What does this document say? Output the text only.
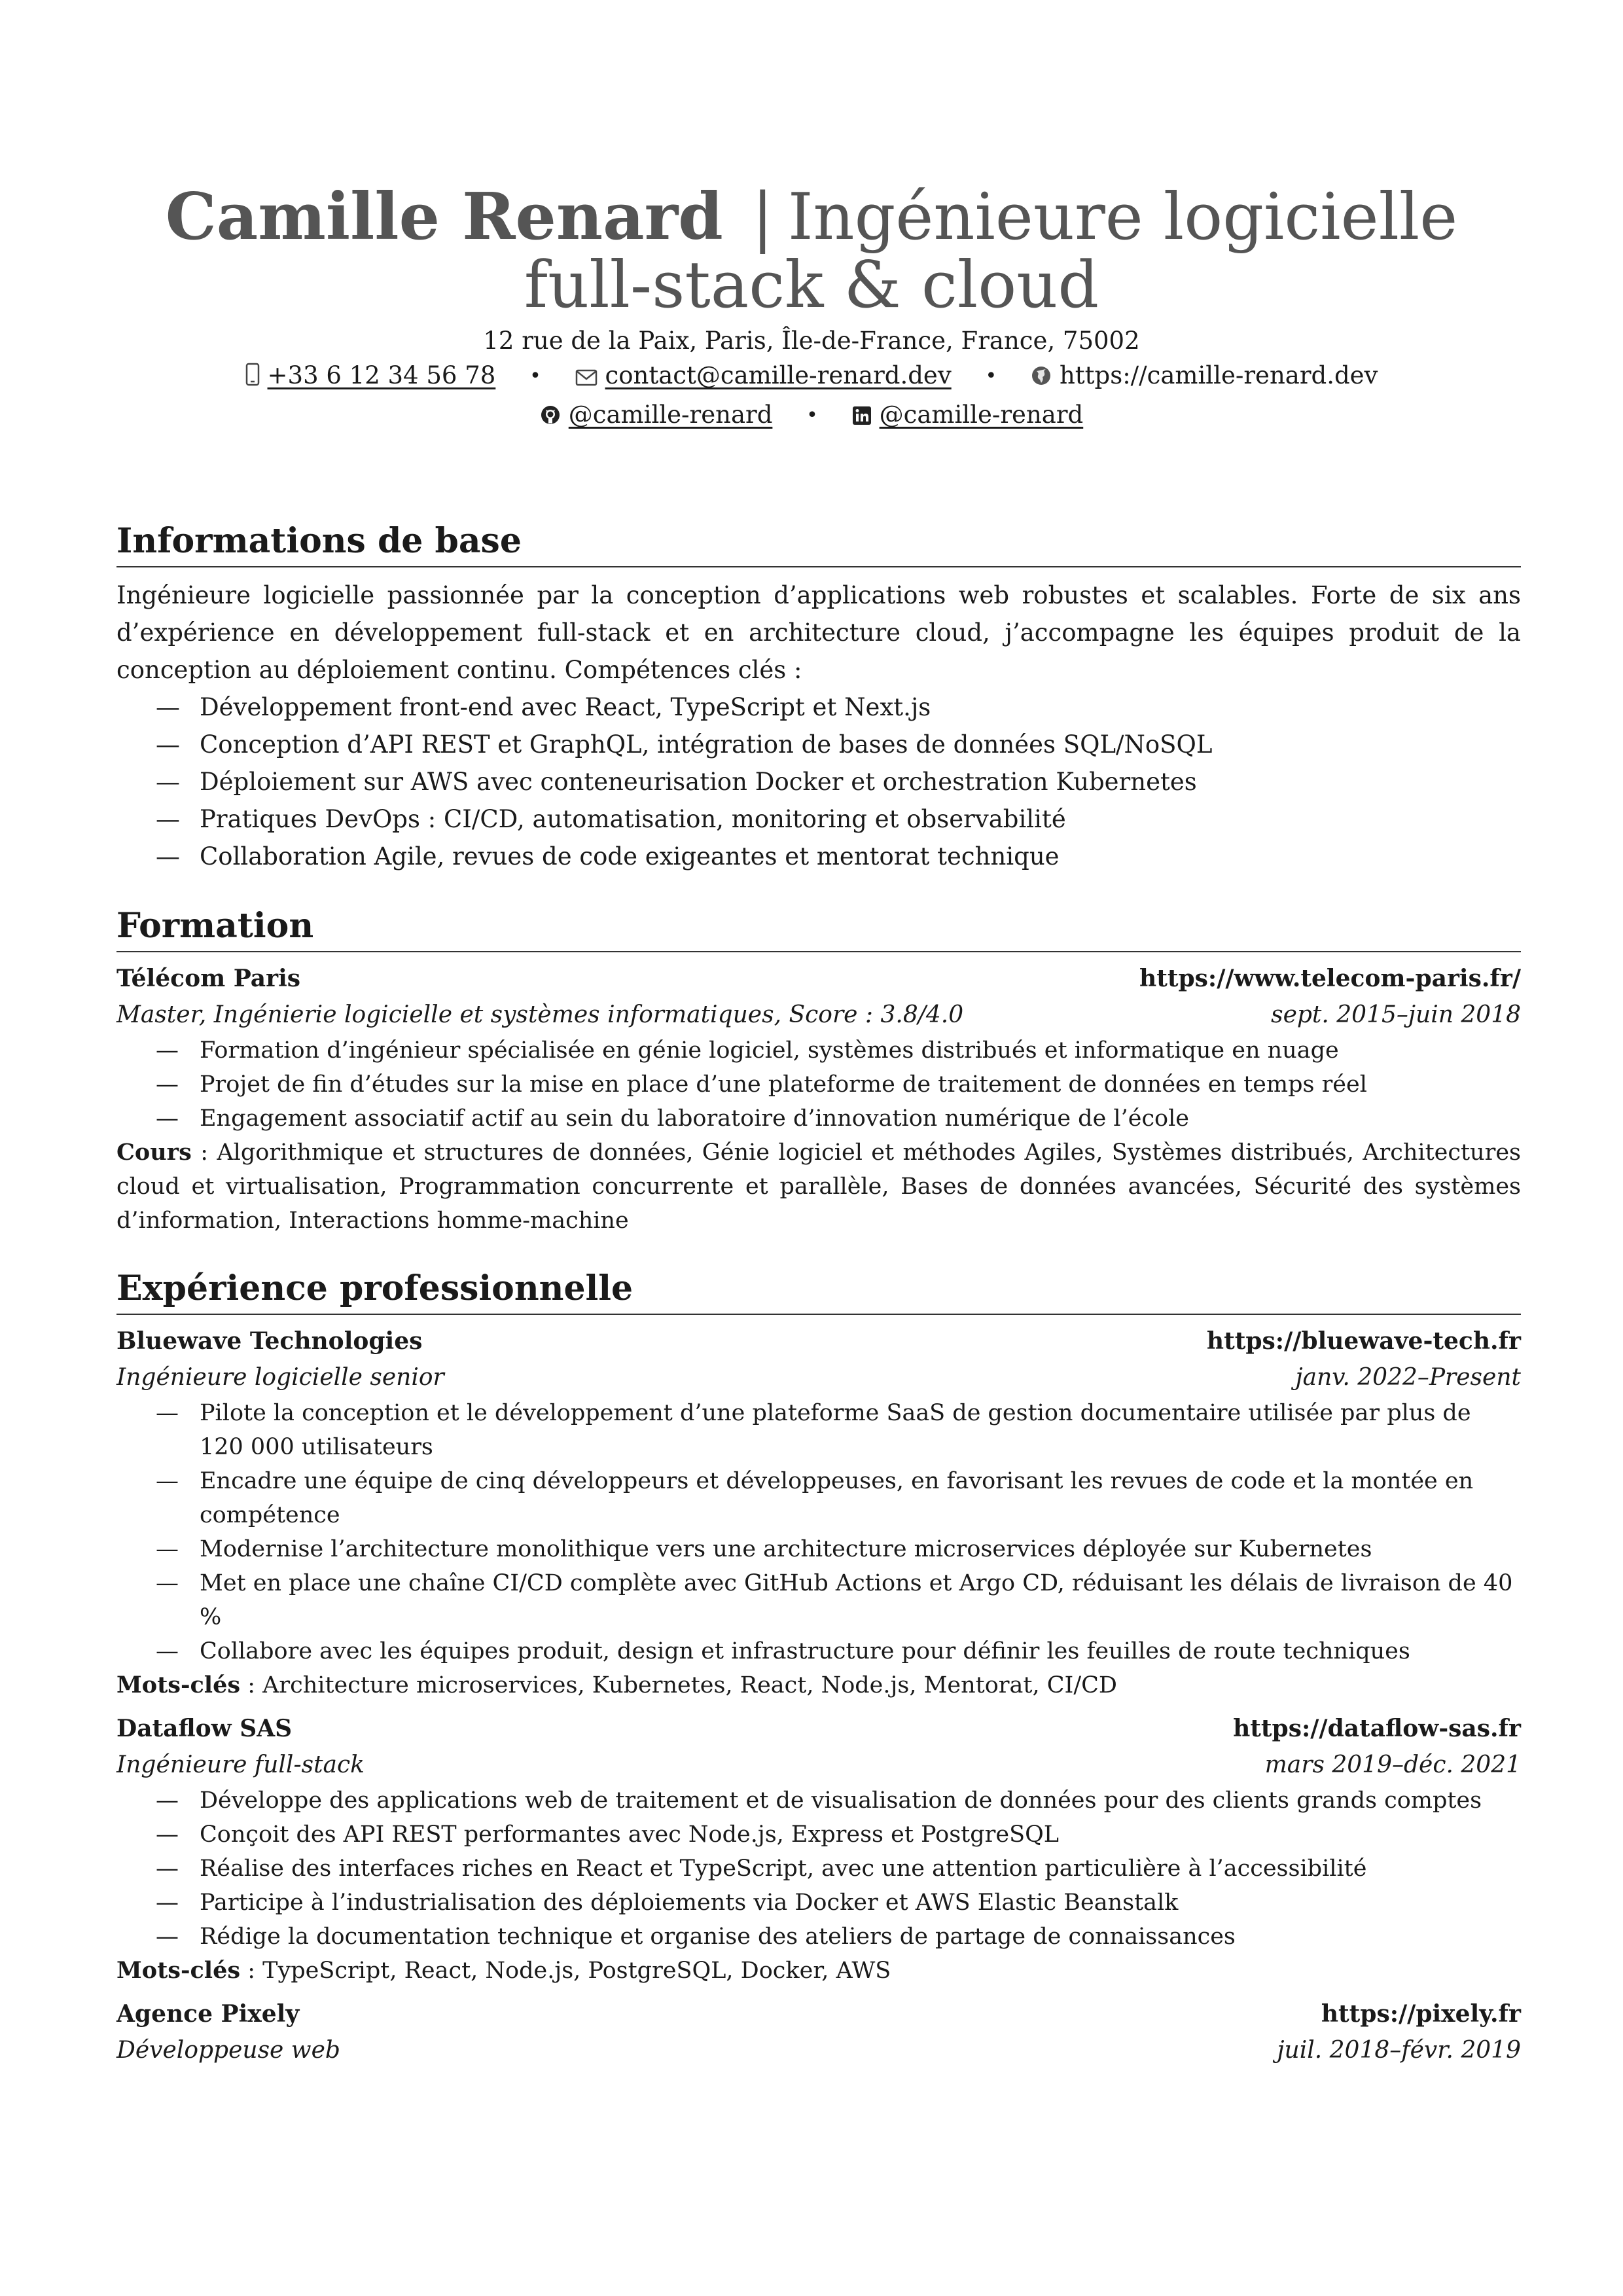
Camille Renard | Ingénieure logicielle
full-stack & cloud
12 rue de la Paix, Paris, Île-de-France, France, 75002
+33 6 12 34 56 78 •	contact@camille-renard.dev •	https://camille-renard.dev
@camille-renard •	@camille-renard
Informations de base
Ingénieure logicielle passionnée par la conception d’applications web robustes et scalables. Forte de six ans d’expérience en développement full-stack et en architecture cloud, j’accompagne les équipes produit de la conception au déploiement continu. Compétences clés :
— Développement front-end avec React, TypeScript et Next.js
— Conception d’API REST et GraphQL, intégration de bases de données SQL/NoSQL
— Déploiement sur AWS avec conteneurisation Docker et orchestration Kubernetes
— Pratiques DevOps : CI/CD, automatisation, monitoring et observabilité
— Collaboration Agile, revues de code exigeantes et mentorat technique
Formation
Télécom Paris	https://www.telecom-paris.fr/
Master, Ingénierie logicielle et systèmes informatiques, Score : 3.8/4.0	sept. 2015–juin 2018
— Formation d’ingénieur spécialisée en génie logiciel, systèmes distribués et informatique en nuage
— Projet de fin d’études sur la mise en place d’une plateforme de traitement de données en temps réel
— Engagement associatif actif au sein du laboratoire d’innovation numérique de l’école
Cours : Algorithmique et structures de données, Génie logiciel et méthodes Agiles, Systèmes distribués, Architectures cloud et virtualisation, Programmation concurrente et parallèle, Bases de données avancées, Sécurité des systèmes d’information, Interactions homme-machine
Expérience professionnelle
Bluewave Technologies	https://bluewave-tech.fr
Ingénieure logicielle senior	janv. 2022–Present
— Pilote la conception et le développement d’une plateforme SaaS de gestion documentaire utilisée par plus de 120 000 utilisateurs
— Encadre une équipe de cinq développeurs et développeuses, en favorisant les revues de code et la montée en compétence
— Modernise l’architecture monolithique vers une architecture microservices déployée sur Kubernetes
— Met en place une chaîne CI/CD complète avec GitHub Actions et Argo CD, réduisant les délais de livraison de 40 %
— Collabore avec les équipes produit, design et infrastructure pour définir les feuilles de route techniques
Mots-clés : Architecture microservices, Kubernetes, React, Node.js, Mentorat, CI/CD
Dataflow SAS	https://dataflow-sas.fr
Ingénieure full-stack	mars 2019–déc. 2021
— Développe des applications web de traitement et de visualisation de données pour des clients grands comptes
— Conçoit des API REST performantes avec Node.js, Express et PostgreSQL
— Réalise des interfaces riches en React et TypeScript, avec une attention particulière à l’accessibilité
— Participe à l’industrialisation des déploiements via Docker et AWS Elastic Beanstalk
— Rédige la documentation technique et organise des ateliers de partage de connaissances
Mots-clés : TypeScript, React, Node.js, PostgreSQL, Docker, AWS
Agence Pixely	https://pixely.fr
Développeuse web	juil. 2018–févr. 2019
